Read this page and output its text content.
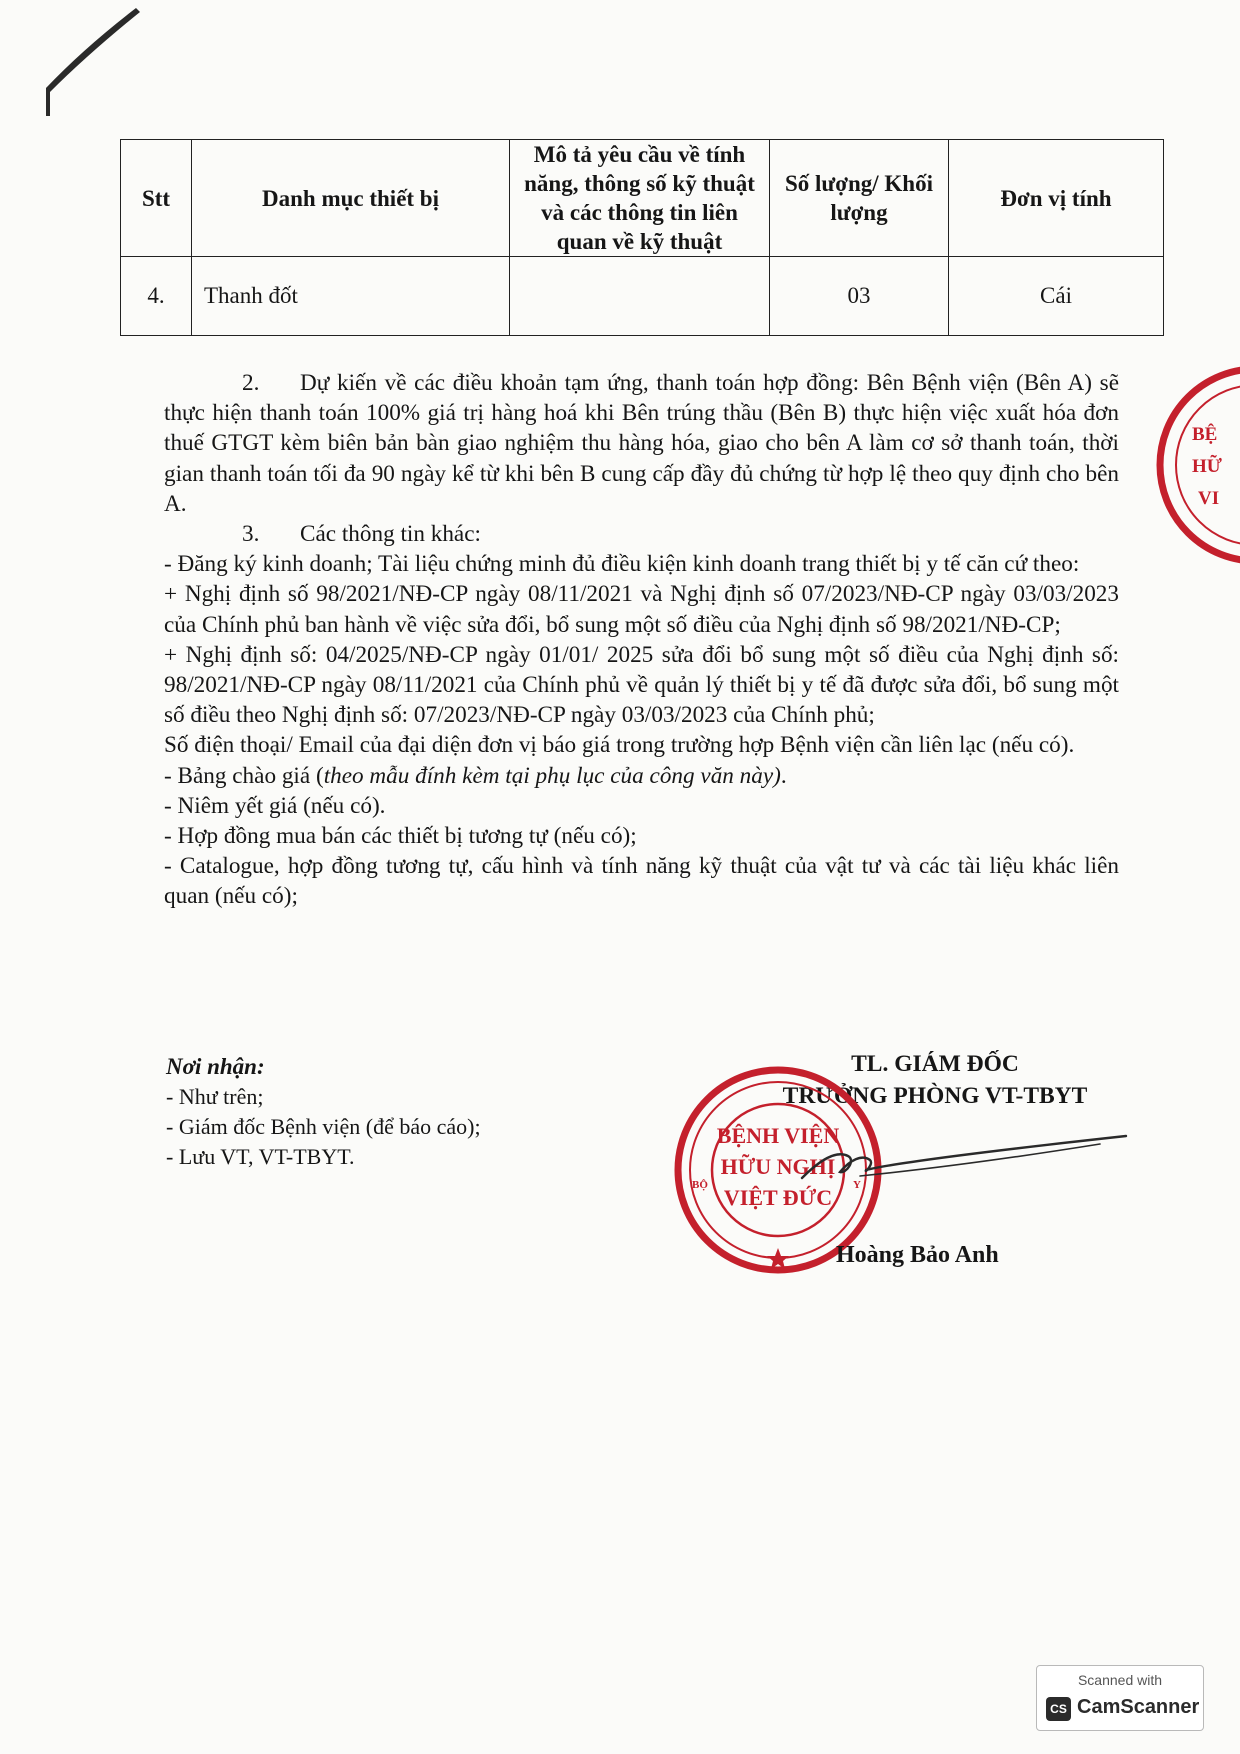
Stt	Danh mục thiết bị	Mô tả yêu cầu về tính năng, thông số kỹ thuật và các thông tin liên quan về kỹ thuật	Số lượng/ Khối lượng	Đơn vị tính
4.	Thanh đốt		03	Cái

2. Dự kiến về các điều khoản tạm ứng, thanh toán hợp đồng: Bên Bệnh viện (Bên A) sẽ thực hiện thanh toán 100% giá trị hàng hoá khi Bên trúng thầu (Bên B) thực hiện việc xuất hóa đơn thuế GTGT kèm biên bản bàn giao nghiệm thu hàng hóa, giao cho bên A làm cơ sở thanh toán, thời gian thanh toán tối đa 90 ngày kể từ khi bên B cung cấp đầy đủ chứng từ hợp lệ theo quy định cho bên A.

3. Các thông tin khác:

- Đăng ký kinh doanh; Tài liệu chứng minh đủ điều kiện kinh doanh trang thiết bị y tế căn cứ theo:

+ Nghị định số 98/2021/NĐ-CP ngày 08/11/2021 và Nghị định số 07/2023/NĐ-CP ngày 03/03/2023 của Chính phủ ban hành về việc sửa đổi, bổ sung một số điều của Nghị định số 98/2021/NĐ-CP;

+ Nghị định số: 04/2025/NĐ-CP ngày 01/01/ 2025 sửa đổi bổ sung một số điều của Nghị định số: 98/2021/NĐ-CP ngày 08/11/2021 của Chính phủ về quản lý thiết bị y tế đã được sửa đổi, bổ sung một số điều theo Nghị định số: 07/2023/NĐ-CP ngày 03/03/2023 của Chính phủ;

Số điện thoại/ Email của đại diện đơn vị báo giá trong trường hợp Bệnh viện cần liên lạc (nếu có).

- Bảng chào giá (theo mẫu đính kèm tại phụ lục của công văn này).

- Niêm yết giá (nếu có).

- Hợp đồng mua bán các thiết bị tương tự (nếu có);

- Catalogue, hợp đồng tương tự, cấu hình và tính năng kỹ thuật của vật tư và các tài liệu khác liên quan (nếu có);

Nơi nhận:
- Như trên;
- Giám đốc Bệnh viện (để báo cáo);
- Lưu VT, VT-TBYT.
TL. GIÁM ĐỐC
TRƯỞNG PHÒNG VT-TBYT
BỆNH VIỆN
HỮU NGHỊ
VIỆT ĐỨC
BỘ	Y
Hoàng Bảo Anh
BỆ
HỮ
VI
Scanned with
CS CamScanner
